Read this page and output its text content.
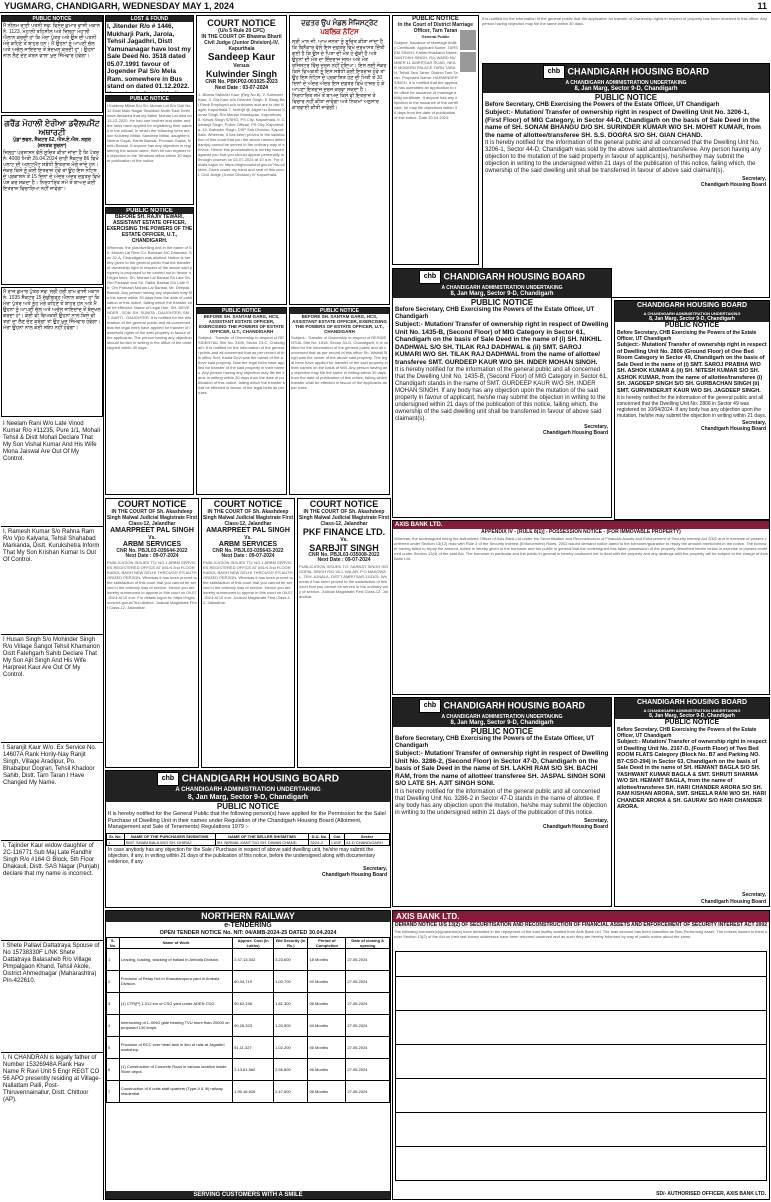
YUGMARG, CHANDIGARH, WEDNESDAY MAY 1, 2024	11
PUBLIC NOTICE
ਮੈਂ ਨੀਲਮ ਰਾਣੀ ਪਤਨੀ ਸਵ: ਵਿਨੋਦ ਕੁਮਾਰ ਵਾਸੀ ਮਕਾਨ ਨੰ. 1123, ਮੋਹਾਲੀ ਤਹਿਸੀਲ ਅਤੇ ਜ਼ਿਲ੍ਹਾ ਮੋਹਾਲੀ ਐਲਾਨ ਕਰਦੀ ਹਾਂ ਕਿ ਮੇਰਾ ਪੁੱਤਰ ਅਤੇ ਉਸ ਦੀ ਪਤਨੀ ਮੇਰੇ ਕਹਿਣੇ ਤੋਂ ਬਾਹਰ ਹਨ। ਮੈਂ ਉਹਨਾਂ ਨੂੰ ਆਪਣੀ ਚੱਲ ਅਤੇ ਅਚੱਲ ਜਾਇਦਾਦ ਤੋਂ ਬੇਦਖਲ ਕਰਦੀ ਹਾਂ। ਉਹਨਾਂ ਨਾਲ ਲੈਣ ਦੇਣ ਕਰਨ ਵਾਲਾ ਖੁਦ ਜਿੰਮੇਵਾਰ ਹੋਵੇਗਾ।
ਗਰੈਂਡ ਮੋਹਾਲੀ ਏਰੀਆ ਡਵੈਲਪਮੈਂਟ ਅਥਾਰਟੀ
ਪੁੱਡਾ ਭਵਨ, ਸੈਕਟਰ 62, ਐਸ.ਏ.ਐਸ. ਨਗਰ
(ਜਨਤਕ ਸੂਚਨਾ)
ਜਿਲ੍ਹਾ ਪ੍ਰਸ਼ਾਸਨ ਵੱਲੋਂ ਸੂਚਿਤ ਕੀਤਾ ਜਾਂਦਾ ਹੈ ਕਿ ਪੱਤਰ ਨੰ. 4008 ਮਿਤੀ 26.04.2024 ਰਾਹੀਂ ਸੈਕਟਰ 86 ਵਿਖੇ ਪਲਾਟ ਦੀ ਅਲਾਟਮੈਂਟ ਸਬੰਧੀ ਇਤਰਾਜ਼ ਮੰਗੇ ਜਾਂਦੇ ਹਨ। ਜੇਕਰ ਕਿਸੇ ਨੂੰ ਕੋਈ ਇਤਰਾਜ਼ ਹੋਵੇ ਤਾਂ ਉਹ ਇਸ ਨੋਟਿਸ ਦੇ ਪ੍ਰਕਾਸ਼ਨ ਤੋਂ 15 ਦਿਨਾਂ ਦੇ ਅੰਦਰ ਅੰਦਰ ਦਫ਼ਤਰ ਵਿਖੇ ਪੇਸ਼ ਕਰ ਸਕਦਾ ਹੈ। ਨਿਰਧਾਰਿਤ ਸਮੇਂ ਤੋਂ ਬਾਅਦ ਕੋਈ ਇਤਰਾਜ਼ ਵਿਚਾਰਿਆ ਨਹੀਂ ਜਾਵੇਗਾ।
ਮੈਂ ਰਾਜ ਕੁਮਾਰ ਪੁੱਤਰ ਸਵ: ਸ੍ਰੀ ਹਰੀ ਰਾਮ ਵਾਸੀ ਮਕਾਨ ਨੰ. 1035 ਸੈਕਟਰ 15 ਚੰਡੀਗੜ੍ਹ ਐਲਾਨ ਕਰਦਾ ਹਾਂ ਕਿ ਮੇਰਾ ਪੁੱਤਰ ਅਤੇ ਨੂੰਹ ਮੇਰੇ ਕਹਿਣੇ ਤੋਂ ਬਾਹਰ ਹਨ ਅਤੇ ਮੈਂ ਉਹਨਾਂ ਨੂੰ ਆਪਣੀ ਚੱਲ ਅਤੇ ਅਚੱਲ ਜਾਇਦਾਦ ਤੋਂ ਬੇਦਖਲ ਕਰਦਾ ਹਾਂ। ਕੋਈ ਵੀ ਵਿਅਕਤੀ ਉਹਨਾਂ ਨਾਲ ਕਿਸੇ ਵੀ ਤਰਾਂ ਦਾ ਲੈਣ ਦੇਣ ਕਰੇਗਾ ਤਾਂ ਉਹ ਖੁਦ ਜਿੰਮੇਵਾਰ ਹੋਵੇਗਾ। ਮੇਰਾ ਉਹਨਾਂ ਨਾਲ ਕੋਈ ਸਬੰਧ ਨਹੀਂ ਹੋਵੇਗਾ।
I Neelam Rani W/o Late Vinod Kumar R/o #11235, Pure 1/1, Mohali Tehsil & Distt Mohali Declare That My Son Vishal Kumar And His Wife Mona Jaiswal Are Out Of My Control.
I, Ramesh Kumar S/o Rahna Ram R/o Vpo Kalyana, Tehsil Shahabad Markanda, Distt. Kurukshetra Inform That My Son Krishan Kumar Is Out Of Control.
I Husan Singh S/o Mohinder Singh R/o Village Sangol Tehsil Khamanon Distt Fatehgarh Sahib Declare That My Son Ajit Singh And His Wife Harpreet Kaur Are Out Of My Control.
I Saranjit Kaur W/o. Ex Service No. 14607A Rank Honly-Nay Ranjit Singh, Village Aradipur, Po. Bhabalpur Dogran, Tehsil Khadoor Sahib, Distt. Tarn Taran I Have Changed My Name.
I, Tajinder Kaur widow daughter of 2C-116771 Sub Maj Late Randhir Singh R/o #164 G Block, 5th Floor Dhakauli, Distt. SAS Nagar (Punjab) declare that my name is incorrect.
I Shete Pallavi Dattatraya Spouse of No 15738330F L/NK Shete Dattatraya Balasaheb R/o Village Pimpalgaon Khand, Tehsil Akole, District Ahmednagar (Maharashtra) Pin-422610.
I, N CHANDRAN is legally father of Number 15326948A Rank Hav Name R Ravi Unit 5 Engr REGT CO 56 APO presently residing at Village-Nallattam Palli, Post-Thiruvennainallur, Distt. Chittoor (AP).
LOST & FOUND
I, Jitender R/o # 1446, Mukharji Park, Jarola, Tehsil Jagadhri, Distt Yamunanagar have lost my Sale Deed No. 3518 dated 05.07.1991 favour of Jogender Pal S/o Mela Ram. somewhere in Bus stand on dated 01.12.2022.
PUBLIC NOTICE
I Kuldeep Mittal S/o Sh. Mohan Lal R/o Gali No. 12 East Main Nagar Shahbad North East Delhi have declared that my father Mohan Lal died on 13-12-2020. He had one brother and sister and the heirs have applied for registering their names in the Intkaal. In which the following heirs are son Kuldeep Mittal, Sandeep Mittal, daughter's Neena Goyal, Kanta Bansal, Poonam Gupta, Neelu Bansal. If anyone has any objection in registering the actual name, then he can register his objection in the Tehsildar office within 30 days of publication of the notice.
PUBLIC NOTICE
BEFORE SH. RAJIV TEWARI, ASSISTANT ESTATE OFFICER, EXERCISING THE POWERS OF THE ESTATE OFFICER, U.T., CHANDIGARH.
Whereas, the plot/dwelling unit in the name of Sh. Mohan Lal Rest Co. Banwari 5/C Dhanash, Sec 22-A, Chandigarh was allotted. Notice is hereby given to the general public that the transfer of ownership right in respect of the above said property is proposed to be carried out in favour of legal heirs. Sh. Mohan Lal Bansal Sh Late Sh. Om Parkash and Sh. Satbir Bansal S/o Late Sh. Om Parkash Mohan Lal Bansal, Mr. Deepak Bansal. Any person having any objection may file the same within 30 days from the date of publication of this notice, failing which the transfer shall be effected. Name of Legal Heir: SH. DEVENDER - SON; SH. SUNITA - DAUGHTER; SMT. AARTI - DAUGHTER. It is notified for the information of the general public and all concerned that the legal heirs have applied for transfer of leasehold rights of the said property in favour of the applicants. The person having any objection should furnish in writing in the office of the undersigned within 30 days.
COURT NOTICE
(U/o 5 Rule 20 CPC)
IN THE COURT OF Bhawna Bharti Civil Judge (Junior Division)-IV, Kapurthala
Sandeep Kaur
Versus
Kulwinder Singh
CNR No. PBKP02-001025-2023
Next Date : 03-07-2024
1. Bhana Satinder Kaur (Reg No.6), 2. Sahinder Kaur, 3. Gia Kaur w/o Dhanbir Singh, 5. Bhag Bai Flank Employed w/o unknown and are to dist Nagar, Kapurthala 7. Inderjit @ Jagre no Bamuki Kumar Singh R/o Mandu Mandapan, Kapurthala, 8. Kewal Singh S/SHG, PS City, Kapurthala. 9. Charanjit Singh, Police Official, PS City, Kapurthala. 10. Bahadur Singh, DSP Sub Division, Kapurthala. Whereas, it has been proved to the satisfaction of this court that you the above named defendant(s) cannot be served in the ordinary way of service. Hence this proclamation is hereby issued against you that you should appear personally or through counsel on 03-07-2024 at 10 a.m. For details logon to: https://highcourtchd.gov.in/?trs=district. Given under my hand and seal of this court. Civil Judge (Junior Division) IV Kapurthala.
PUBLIC NOTICE
BEFORE SH. SANTAM GARG, HCS, ASSISTANT ESTATE OFFICER, EXERCISING THE POWERS OF ESTATE OFFICER, U.T., CHANDIGARH
Subject:- Transfer of Ownership in respect of RESIDENTIAL Site No. 2496, Sector 23-C, Chandigarh. It is notified for the information of the general public and all concerned that as per record of this office Smt. Kanta Devi was the owner of the above said property. Now the legal heirs have applied for transfer of the said property in their names. Any person having any objection may file the same in writing within 30 days from the date of publication of this notice, failing which the transfer shall be effected in favour of the legal heirs as per rules.
ਦਫ਼ਤਰ ਉਪ ਮੰਡਲ ਮੈਜਿਸਟ੍ਰੇਟ
ਪਬਲਿਕ ਨੋਟਿਸ
ਸ੍ਰੀ ਮਾਨ ਜੀ, ਆਮ ਜਨਤਾ ਨੂੰ ਸੂਚਿਤ ਕੀਤਾ ਜਾਂਦਾ ਹੈ ਕਿ ਬਿਨੈਕਾਰ ਵੱਲੋਂ ਇਸ ਦਫ਼ਤਰ ਵਿਖੇ ਦਰਖਾਸਤ ਦਿੱਤੀ ਗਈ ਹੈ ਕਿ ਉਸ ਦੇ ਪਿਤਾ ਦੀ ਮੌਤ ਹੋ ਚੁੱਕੀ ਹੈ ਅਤੇ ਉਹਨਾਂ ਦੀ ਮੌਤ ਦਾ ਇੰਦਰਾਜ ਜਨਮ ਅਤੇ ਮੌਤ ਰਜਿਸਟਰ ਵਿੱਚ ਦਰਜ ਨਹੀਂ ਹੋਇਆ। ਇਸ ਲਈ ਜੇਕਰ ਕਿਸੇ ਵਿਅਕਤੀ ਨੂੰ ਇਸ ਸਬੰਧੀ ਕੋਈ ਇਤਰਾਜ਼ ਹੋਵੇ ਤਾਂ ਉਹ ਇਸ ਨੋਟਿਸ ਦੇ ਪ੍ਰਕਾਸ਼ਿਤ ਹੋਣ ਦੀ ਮਿਤੀ ਤੋਂ 30 ਦਿਨਾਂ ਦੇ ਅੰਦਰ ਅੰਦਰ ਇਸ ਦਫ਼ਤਰ ਵਿਖੇ ਹਾਜ਼ਰ ਹੋ ਕੇ ਆਪਣਾ ਇਤਰਾਜ਼ ਦਰਜ ਕਰਵਾ ਸਕਦਾ ਹੈ। ਨਿਰਧਾਰਿਤ ਸਮੇਂ ਤੋਂ ਬਾਅਦ ਕਿਸੇ ਵੀ ਇਤਰਾਜ਼ ਤੇ ਵਿਚਾਰ ਨਹੀਂ ਕੀਤਾ ਜਾਵੇਗਾ ਅਤੇ ਨਿਯਮਾਂ ਅਨੁਸਾਰ ਕਾਰਵਾਈ ਕੀਤੀ ਜਾਵੇਗੀ।
PUBLIC NOTICE
BEFORE SH. SANTAM GARG, HCS, ASSISTANT ESTATE OFFICER, EXERCISING THE POWERS OF ESTATE OFFICER, U.T., CHANDIGARH
Subject:- Transfer of Ownership in respect of RESIDENTIAL Site No. 1818, Sector 34-D, Chandigarh. It is notified for the information of the general public and all concerned that as per record of this office Sh. Walaiti Singh was the owner of the above said property. The legal heirs have applied for transfer of the said property in their names on the basis of Will. Any person having any objection may file the same in writing within 30 days from the date of publication of this notice, failing which transfer shall be effected in favour of the applicants as per rules.
PUBLIC NOTICE
In the Court of District Marriage Officer, Tarn Taran
General Public
Subject: Issuance of Marriage Ability Certificate. Applicant Name: TARSEM SINGH, Father/Husband Name: SANTOKH SINGH, R/o WARD NUMBER 11 AMRITSAR ROAD, NEAR MODERN PALACE TARN TARAN. Tehsil Tarn Taran, District Tarn Taran. Proposed Name: HARWINDER SINGH. It is notified that the applicant has submitted an application to the office for issuance of marriage ability certificate. If anyone has any objection to the issuance of the certificate, he may file objections within 30 days from the date of publication of this notice. Date 30.04.2024.
It is notified for the information of the general public that the application for transfer of Ownership rights in respect of property has been received in this office. Any person having objection may file the same within 30 days.
chb CHANDIGARH HOUSING BOARD
A CHANDIGARH ADMINISTRATION UNDERTAKING
8, Jan Marg, Sector 9-D, Chandigarh
PUBLIC NOTICE
Before Secretary, CHB Exercising the Powers of the Estate Officer, UT Chandigarh
Subject:- Mutation/ Transfer of ownership right in respect of Dwelling Unit No. 3206-1, (First Floor) of MIG Category, in Sector 44-D, Chandigarh on the basis of Sale Deed in the name of SH. SONAM BHANGU D/O SH. SURINDER KUMAR W/O SH. MOHIT KUMAR, from the name of allottee/transferee SH. S.S. DOGRA S/O SH. GIAN CHAND.
It is hereby notified for the information of the general public and all concerned that the Dwelling Unit No. 3206-1, Sector 44-D, Chandigarh was sold by the above said allottee/transferee. Any person having any objection to the mutation of the said property in favour of applicant(s), he/she/they may submit the objection in writing to the undersigned within 21 days of the publication of this notice, failing which, the ownership of the said dwelling unit shall be transferred in favour of above said claimant(s).
Secretary,
Chandigarh Housing Board
chb CHANDIGARH HOUSING BOARD
A CHANDIGARH ADMINISTRATION UNDERTAKING
8, Jan Marg, Sector 9-D, Chandigarh
PUBLIC NOTICE
Before Secretary, CHB Exercising the Powers of the Estate Officer, UT Chandigarh
Subject:- Mutation/ Transfer of ownership right in respect of Dwelling Unit No. 1435-B, (Second Floor) of MIG Category in Sector 61, Chandigarh on the basis of Sale Deed in the name of (i) SH. NIKHIL DADHWAL S/O SH. TILAK RAJ DADHWAL & (ii) SMT. SAROJ KUMARI W/O SH. TILAK RAJ DADHWAL from the name of allottee/ transferee SMT. GURDEEP KAUR W/O SH. INDER MOHAN SINGH.
It is hereby notified for the information of the general public and all concerned that the Dwelling Unit No. 1435-B, (Second Floor) of MIG Category in Sector 61, Chandigarh stands in the name of SMT. GURDEEP KAUR W/O SH. INDER MOHAN SINGH. If any body has any objection upon the mutation of the said property in favour of applicant, he/she may submit the objection in writing to the undersigned within 21 days of the publication of this notice, failing which, the ownership of the said dwelling unit shall be transferred in favour of above said claimant(s).
Secretary,
Chandigarh Housing Board
CHANDIGARH HOUSING BOARD
A CHANDIGARH ADMINISTRATION UNDERTAKING
8, Jan Marg, Sector 9-D, Chandigarh
PUBLIC NOTICE
Before Secretary, CHB Exercising the Powers of the Estate Officer, UT Chandigarh
Subject:- Mutation/ Transfer of ownership right in respect of Dwelling Unit No. 2806 (Ground Floor) of One Bed Room Category in Sector 49, Chandigarh on the basis of Sale Deed in the name of (i) SMT. SAROJ PRABHA W/O SH. ASHOK KUMAR & (ii) SH. NITESH KUMAR S/O SH. ASHOK KUMAR, from the name of allottee/transferee (i) SH. JAGDEEP SINGH S/O SH. GURBACHAN SINGH (ii) SMT. GURVINDERJIT KAUR W/O SH. JAGDEEP SINGH.
It is hereby notified for the information of the general public and all concerned that the Dwelling Unit No. 2806 in Sector 49 was registered on 10/04/2024. If any body has any objection upon the mutation, he/she may submit the objection in writing within 21 days.
Secretary,
Chandigarh Housing Board
COURT NOTICE
IN THE COURT OF Sh. Akashdeep Singh Malwal Judicial Magistrate First Class-12, Jalandhar
AMARPREET PAL SINGH
Vs.
ARBM SERVICES
CNR No. PBJL03-035644-2022
Next Date : 09-07-2024
PUBLICATION ISSUED TO: NO.1 ARBM SERVICES REGISTERED OFFICE AT 691/4 2nd FLOOR KAROL BAGH NEW DELHI THROUGH ITS AUTHORIZED PERSON. Whereas it has been proved to the satisfaction of this court that you cannot be served in the ordinary way of service. Hence you are hereby summoned to appear in this court on 09-07-2024 at 10 a.m. For details logon to: https://highcourtchd.gov.in/?trs=district. Judicial Magistrate First Class-12, Jalandhar.
COURT NOTICE
IN THE COURT OF Sh. Akashdeep Singh Malwal Judicial Magistrate First Class-12, Jalandhar
AMARPREET PAL SINGH
Vs.
ARBM SERVICES
CNR No. PBJL03-035643-2022
Next Date : 09-07-2024
PUBLICATION ISSUED TO: NO.1 ARBM SERVICES REGISTERED OFFICE AT 691/4 2nd FLOOR KAROL BAGH NEW DELHI THROUGH ITS AUTHORIZED PERSON. Whereas it has been proved to the satisfaction of this court that you cannot be served in the ordinary way of service. Hence you are hereby summoned to appear in this court on 09-07-2024 at 10 a.m. Judicial Magistrate First Class-12, Jalandhar.
COURT NOTICE
IN THE COURT OF Sh. Akashdeep Singh Malwal Judicial Magistrate First Class-12, Jalandhar
PKF FINANCE LTD.
Vs.
SARBJIT SINGH
CNR No. PBJL03-035008-2022
Next Date : 09-07-2024
PUBLICATION ISSUED TO: SARBJIT SINGH S/O GOPAL SINGH R/O VILL HALAR, P.O MAKOWAL, TEH- AJNALA, DISTT AMRITSAR-143103. Whereas it has been proved to the satisfaction of this court that you cannot be served in the ordinary way of service. Judicial Magistrate First Class-12, Jalandhar.
AXIS BANK LTD.
APPENDIX IV - [RULE 8(1)] - POSSESSION NOTICE - (FOR IMMOVABLE PROPERTY)
Whereas, the undersigned being the Authorized Officer of Axis Bank Ltd under the Securitisation and Reconstruction of Financial Assets and Enforcement of Security Interest Act 2002 and in exercise of powers conferred under Section 13(12) read with Rule 3 of the Security Interest (Enforcement) Rules, 2002 issued demand notice dated to the borrower/guarantor to repay the amount mentioned in the notice. The borrower having failed to repay the amount, notice is hereby given to the borrower and the public in general that the undersigned has taken possession of the property described herein below in exercise of powers conferred under Section 13(4) of the said Act. The borrower in particular and the public in general is hereby cautioned not to deal with the property and any dealings with the property will be subject to the charge of Axis Bank Ltd.
CHANDIGARH HOUSING BOARD
A CHANDIGARH ADMINISTRATION UNDERTAKING
8, Jan Marg, Sector 9-D, Chandigarh
PUBLIC NOTICE
Before Secretary, CHB Exercising the Powers of the Estate Officer, UT Chandigarh
Subject:- Mutation/ Transfer of ownership right in respect of Dwelling Unit No. 2167-D, (Fourth Floor) of Two Bed ROOM FLATS Category (Block No. B7 and Parking NO. B7-CSO-294) in Sector 63, Chandigarh on the basis of Sale Deed in the name of SH. HEMANT BAGLA S/O SH. YASHWANT KUMAR BAGLA & SMT. SHRUTI SHARMA W/O SH. HEMANT BAGLA, from the name of allottee/transferee SH. HARI CHANDER ARORA S/O SH. RAM KISHAN ARORA, SMT. SHEELA RANI W/O SH. HARI CHANDER ARORA & SH. GAURAV S/O HARI CHANDER ARORA.
Secretary,
Chandigarh Housing Board
chb CHANDIGARH HOUSING BOARD
A CHANDIGARH ADMINISTRATION UNDERTAKING
8, Jan Marg, Sector 9-D, Chandigarh
PUBLIC NOTICE
Before Secretary, CHB Exercising the Powers of the Estate Officer, UT Chandigarh
Subject:- Mutation/ Transfer of ownership right in respect of Dwelling Unit No. 3286-2, (Second Floor) in Sector 47-D, Chandigarh on the basis of Sale Deed in the name of SH. LAKHI RAM S/O SH. BACHI RAM, from the name of allottee/ transferee SH. JASPAL SINGH SONI S/O LATE SH. AJIT SINGH SONI.
It is hereby notified for the information of the general public and all concerned that Dwelling Unit No. 3286-2 in Sector 47-D stands in the name of allottee. If any body has any objection upon the mutation, he/she may submit the objection in writing to the undersigned within 21 days of the publication of this notice.
Secretary,
Chandigarh Housing Board
chb CHANDIGARH HOUSING BOARD
A CHANDIGARH ADMINISTRATION UNDERTAKING
8, Jan Marg, Sector 9-D, Chandigarh
PUBLIC NOTICE
It is hereby notified for the General Public that the following person(s) have applied for the Permission for the Sale/ Purchase of Dwelling Unit in their names under Regulation of the Chandigarh Housing Board (Allotment, Management and Sale of Tenements) Regulations 1979 :-
Sr. No.	NAME OF THE PURCHASER SH/SMT/MS	NAME OF THE SELLER SH/SMT/MS	D.U. No.	Cat.	Sector
1	SMT. SHABI BALA W/O SH. DHIRAJ	SH. NIRMAL KANT S/O SH. DIWAN CHAND	3224-2	LIG/F	41-D CHANDIGARH
In case anybody has any objection for the Sale / Purchase in respect of above said dwelling unit, he/she may submit the objection, if any, in writing within 21 days of the publication of this notice, before the undersigned along with documentary evidence, if any.
Secretary,
Chandigarh Housing Board
NORTHERN RAILWAY
e-TENDERING
OPEN TENDER NOTICE No. NIT: 04/AMB-2024-25 DATED 30.04.2024
S. No.	Name of Work	Approx. Cost (In Lakhs)	Bid Security (In Rs.)	Period of Completion	Date of closing & opening
1	Leading, loading, stacking of ballast in Ambala Division.	2,47,13,342	3,23,600	18 Months	27.05.2024
2	Provision of Relay Hut in Khanalampura yard in Ambala Division.	60,34,719	1,00,700	03 Months	27.05.2024
3	(1) CTR(P) 1.012 km of CSG yard under ADEN CDG.	90,62,196	1,81,300	06 Months	27.05.2024
4	Interlocking of L-XING gate bearing TVU more than 20000 on proposed 130 kmph.	90,26,323	1,20,500	04 Months	27.05.2024
5	Provision of RCC over head tank in lieu of rails at Jagadhri workshop.	51,11,327	1,02,200	06 Months	27.05.2024
6	(1) Construction of Concrete Road in various location inside Store depot.	2,13,61,582	2,56,800	06 Months	27.05.2024
7	Construction of 6 units staff quarters (Type-II & III) railway residential.	1,90,16,626	2,47,600	06 Months	27.05.2024
SERVING CUSTOMERS WITH A SMILE
AXIS BANK LTD.
DEMAND NOTICE U/S 13(2) OF SECURITISATION AND RECONSTRUCTION OF FINANCIAL ASSETS AND ENFORCEMENT OF SECURITY INTEREST ACT 2002
The following borrower(s)/guarantor(s) have defaulted in the repayment of the loan facility availed from Axis Bank Ltd. The loan account has been classified as Non-Performing Asset. The notices issued to them under Section 13(2) of the Act on their last known addresses have been returned unserved and as such they are hereby informed by way of public notice about the same.
SD/- AUTHORISED OFFICER, AXIS BANK LTD.
